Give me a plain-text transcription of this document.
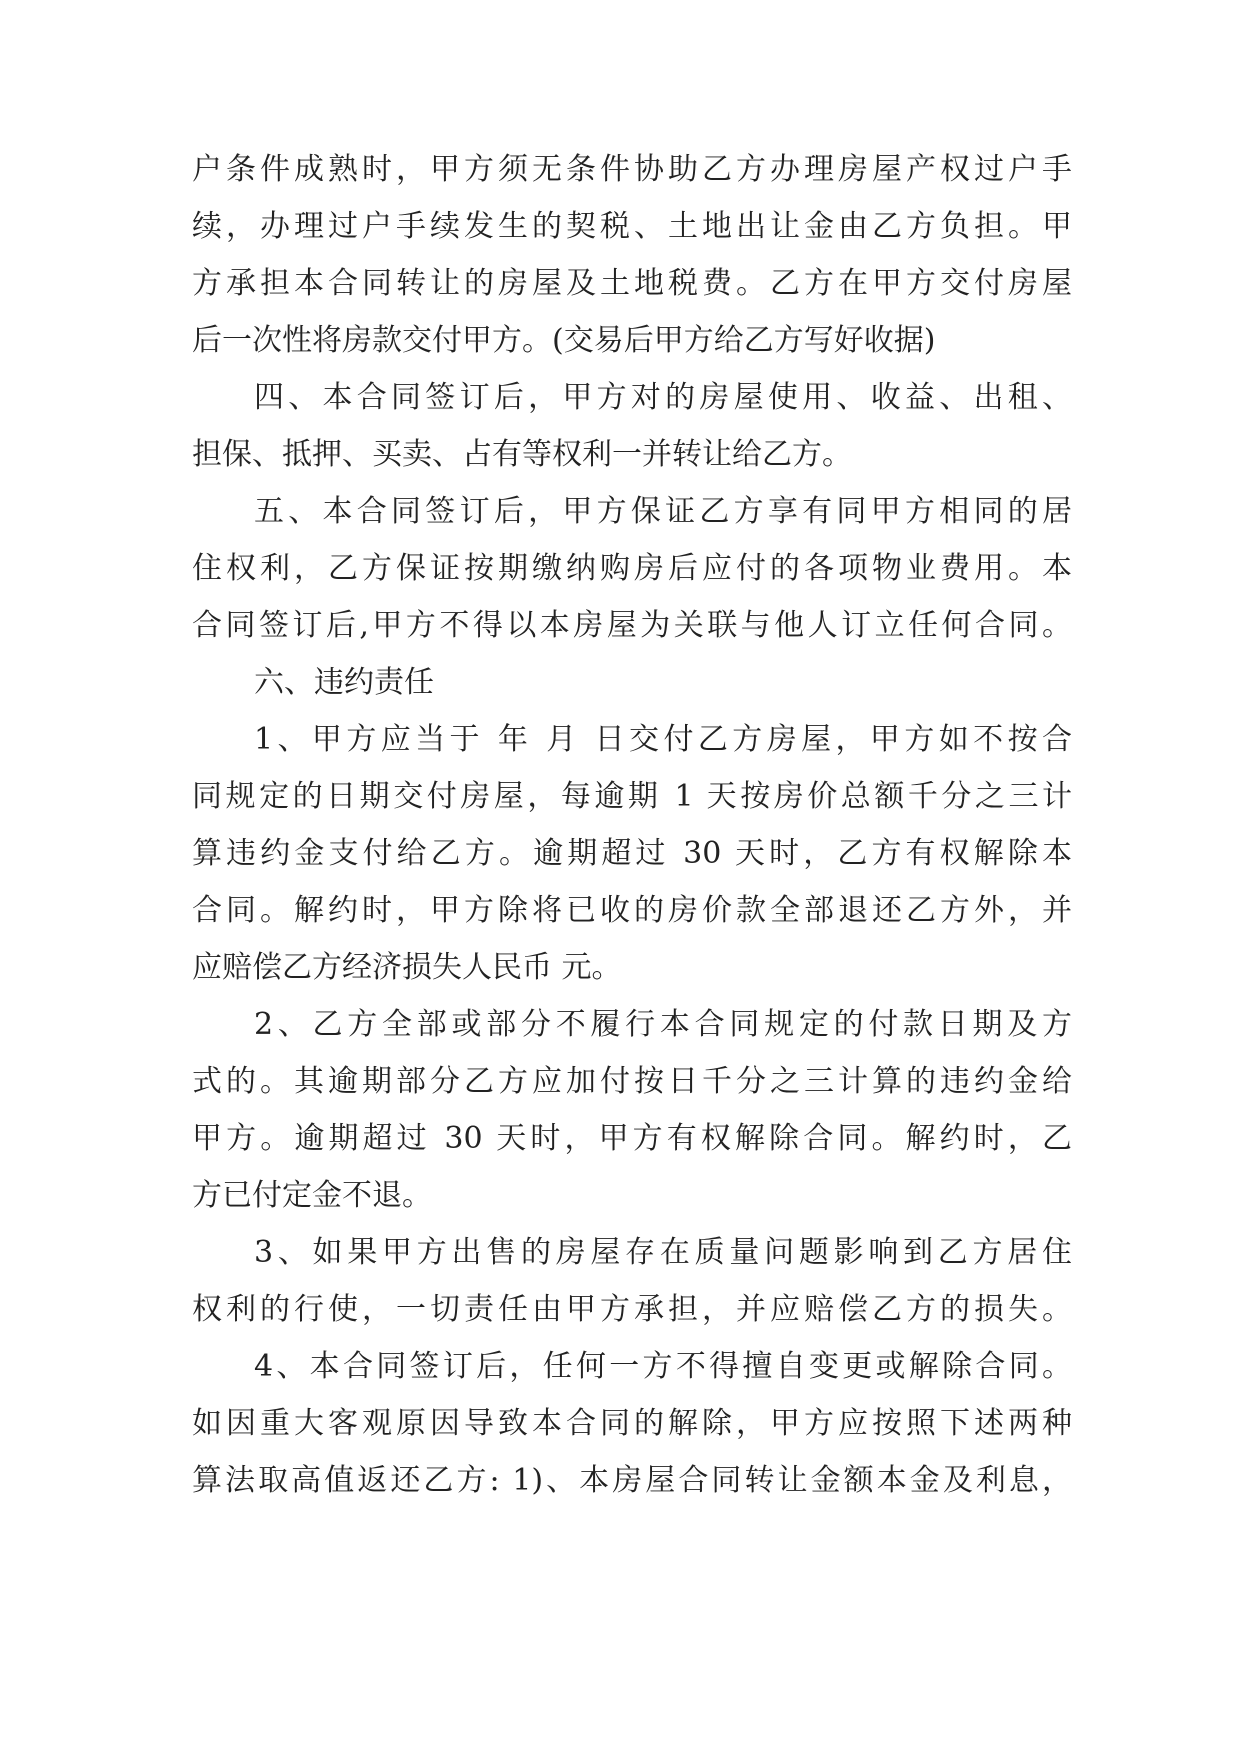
户条件成熟时，甲方须无条件协助乙方办理房屋产权过户手
续，办理过户手续发生的契税、土地出让金由乙方负担。甲
方承担本合同转让的房屋及土地税费。乙方在甲方交付房屋
后一次性将房款交付甲方。(交易后甲方给乙方写好收据)
四、本合同签订后，甲方对的房屋使用、收益、出租、
担保、抵押、买卖、占有等权利一并转让给乙方。
五、本合同签订后，甲方保证乙方享有同甲方相同的居
住权利，乙方保证按期缴纳购房后应付的各项物业费用。本
合同签订后,甲方不得以本房屋为关联与他人订立任何合同。
六、违约责任
1、甲方应当于 年 月 日交付乙方房屋，甲方如不按合
同规定的日期交付房屋，每逾期 1 天按房价总额千分之三计
算违约金支付给乙方。逾期超过 30 天时，乙方有权解除本
合同。解约时，甲方除将已收的房价款全部退还乙方外，并
应赔偿乙方经济损失人民币 元。
2、乙方全部或部分不履行本合同规定的付款日期及方
式的。其逾期部分乙方应加付按日千分之三计算的违约金给
甲方。逾期超过 30 天时，甲方有权解除合同。解约时，乙
方已付定金不退。
3、如果甲方出售的房屋存在质量问题影响到乙方居住
权利的行使，一切责任由甲方承担，并应赔偿乙方的损失。
4、本合同签订后，任何一方不得擅自变更或解除合同。
如因重大客观原因导致本合同的解除，甲方应按照下述两种
算法取高值返还乙方: 1)、本房屋合同转让金额本金及利息，
